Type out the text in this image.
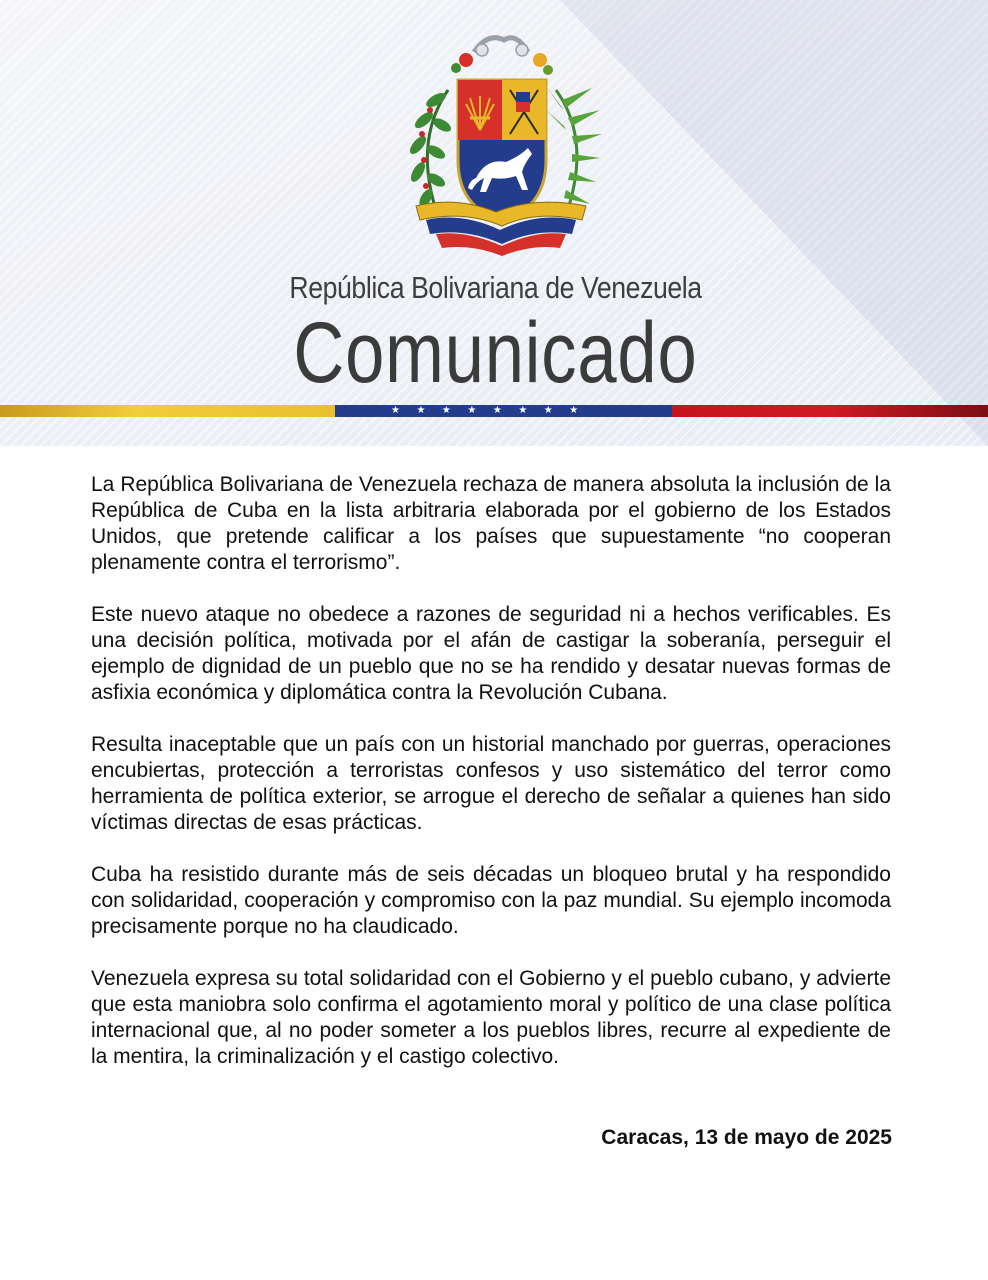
República Bolivariana de Venezuela
Comunicado
★★★★★★★★

La República Bolivariana de Venezuela rechaza de manera absoluta la inclusión de la República de Cuba en la lista arbitraria elaborada por el gobierno de los Estados Unidos, que pretende calificar a los países que supuestamente “no cooperan plenamente contra el terrorismo”.

Este nuevo ataque no obedece a razones de seguridad ni a hechos verificables. Es una decisión política, motivada por el afán de castigar la soberanía, perseguir el ejemplo de dignidad de un pueblo que no se ha rendido y desatar nuevas formas de asfixia económica y diplomática contra la Revolución Cubana.

Resulta inaceptable que un país con un historial manchado por guerras, operaciones encubiertas, protección a terroristas confesos y uso sistemático del terror como herramienta de política exterior, se arrogue el derecho de señalar a quienes han sido víctimas directas de esas prácticas.

Cuba ha resistido durante más de seis décadas un bloqueo brutal y ha respondido con solidaridad, cooperación y compromiso con la paz mundial. Su ejemplo incomoda precisamente porque no ha claudicado.

Venezuela expresa su total solidaridad con el Gobierno y el pueblo cubano, y advierte que esta maniobra solo confirma el agotamiento moral y político de una clase política internacional que, al no poder someter a los pueblos libres, recurre al expediente de la mentira, la criminalización y el castigo colectivo.

Caracas, 13 de mayo de 2025
